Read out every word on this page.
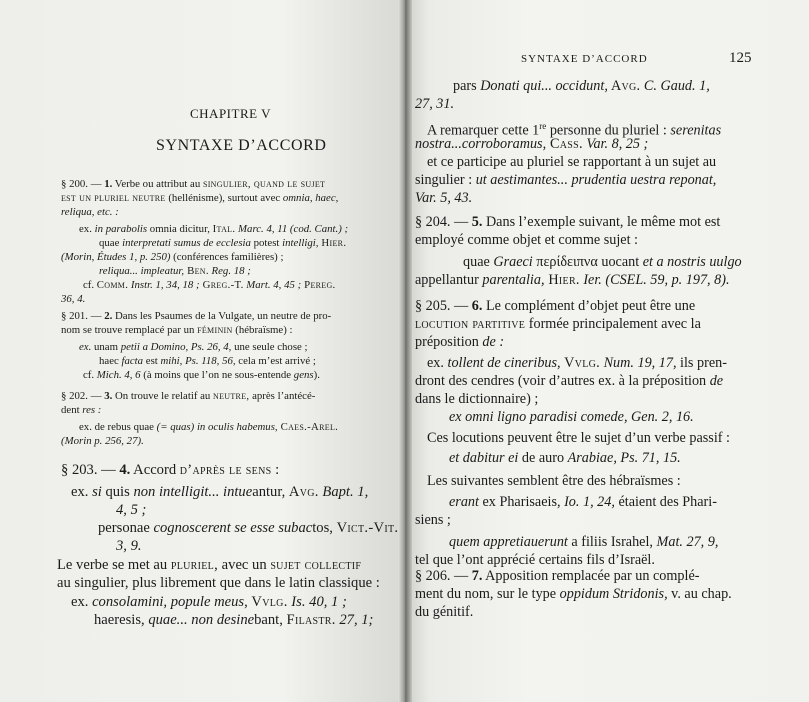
CHAPITRE V
SYNTAXE D’ACCORD
§ 200. — 1. Verbe ou attribut au singulier, quand le sujet
est un pluriel neutre (hellénisme), surtout avec omnia, haec,
reliqua, etc. :
ex. in parabolis omnia dicitur, Ital. Marc. 4, 11 (cod. Cant.) ;
quae interpretati sumus de ecclesia potest intelligi, Hier.
(Morin, Études 1, p. 250) (conférences familières) ;
reliqua... impleatur, Ben. Reg. 18 ;
cf. Comm. Instr. 1, 34, 18 ; Greg.-T. Mart. 4, 45 ; Pereg.
36, 4.
§ 201. — 2. Dans les Psaumes de la Vulgate, un neutre de pro-
nom se trouve remplacé par un féminin (hébraïsme) :
ex. unam petii a Domino, Ps. 26, 4, une seule chose ;
haec facta est mihi, Ps. 118, 56, cela m’est arrivé ;
cf. Mich. 4, 6 (à moins que l’on ne sous-entende gens).
§ 202. — 3. On trouve le relatif au neutre, après l’antécé-
dent res :
ex. de rebus quae (= quas) in oculis habemus, Caes.-Arel.
(Morin p. 256, 27).
§ 203. — 4. Accord d’après le sens :
ex. si quis non intelligit... intueantur, Avg. Bapt. 1,
4, 5 ;
personae cognoscerent se esse subactos, Vict.-Vit.
3, 9.
Le verbe se met au pluriel, avec un sujet collectif
au singulier, plus librement que dans le latin classique :
ex. consolamini, popule meus, Vvlg. Is. 40, 1 ;
haeresis, quae... non desinebant, Filastr. 27, 1;
SYNTAXE D’ACCORD	125
pars Donati qui... occidunt, Avg. C. Gaud. 1,
27, 31.
A remarquer cette 1re personne du pluriel : serenitas
nostra...corroboramus, Cass. Var. 8, 25 ;
et ce participe au pluriel se rapportant à un sujet au
singulier : ut aestimantes... prudentia uestra reponat,
Var. 5, 43.
§ 204. — 5. Dans l’exemple suivant, le même mot est
employé comme objet et comme sujet :
quae Graeci περίδειπνα uocant et a nostris uulgo
appellantur parentalia, Hier. Ier. (CSEL. 59, p. 197, 8).
§ 205. — 6. Le complément d’objet peut être une
locution partitive formée principalement avec la
préposition de :
ex. tollent de cineribus, Vvlg. Num. 19, 17, ils pren-
dront des cendres (voir d’autres ex. à la préposition de
dans le dictionnaire) ;
ex omni ligno paradisi comede, Gen. 2, 16.
Ces locutions peuvent être le sujet d’un verbe passif :
et dabitur ei de auro Arabiae, Ps. 71, 15.
Les suivantes semblent être des hébraïsmes :
erant ex Pharisaeis, Io. 1, 24, étaient des Phari-
siens ;
quem appretiauerunt a filiis Israhel, Mat. 27, 9,
tel que l’ont apprécié certains fils d’Israël.
§ 206. — 7. Apposition remplacée par un complé-
ment du nom, sur le type oppidum Stridonis, v. au chap.
du génitif.
